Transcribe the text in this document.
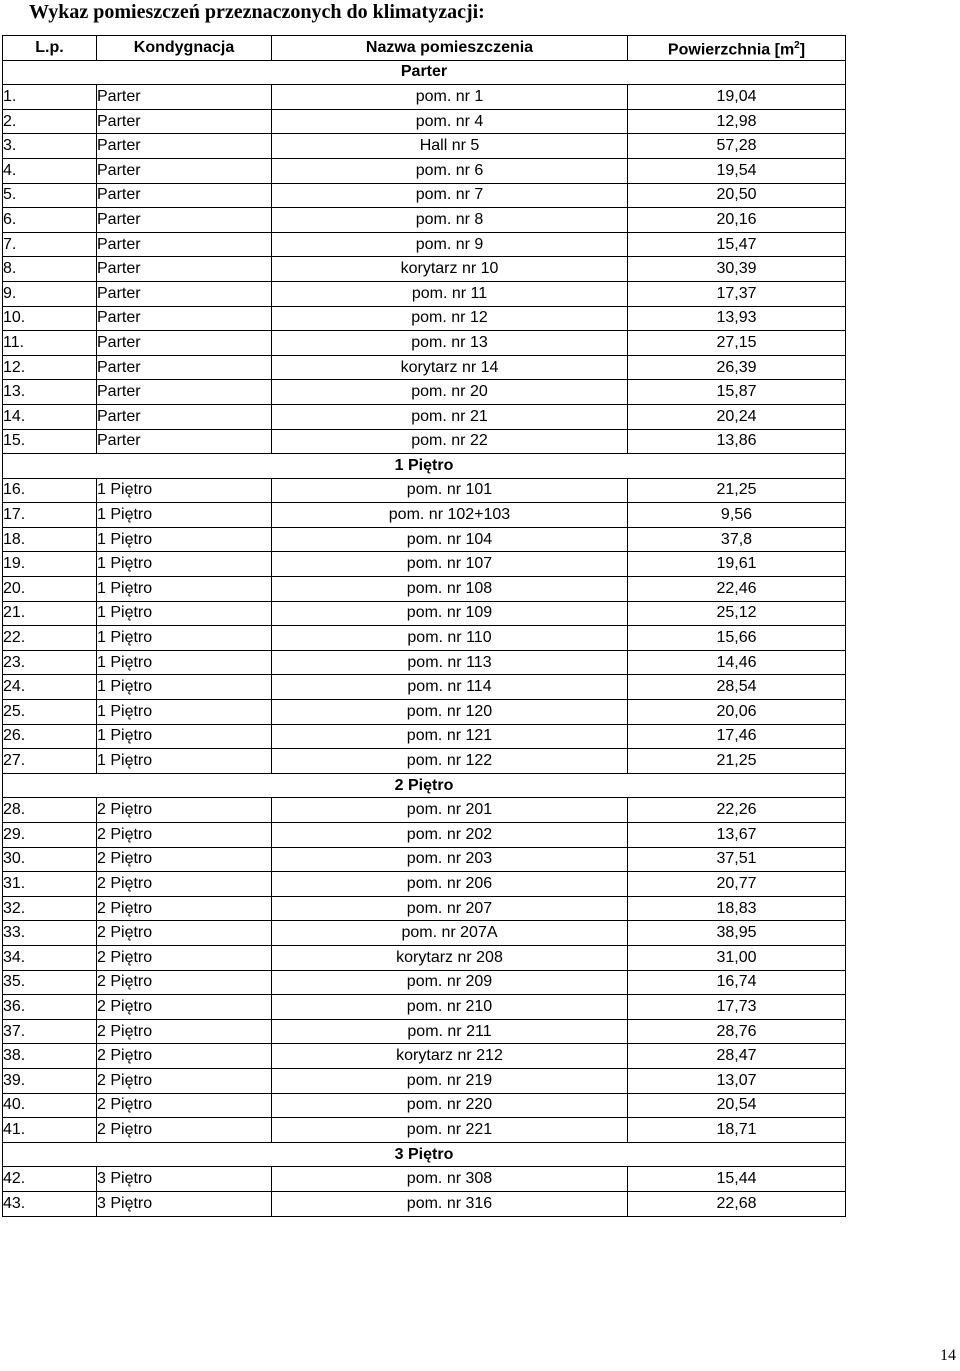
Wykaz pomieszczeń przeznaczonych do klimatyzacji:
L.p.	Kondygnacja	Nazwa pomieszczenia	Powierzchnia $[m^2]$
Parter			
1.	Parter	pom. nr 1	19,04
2.	Parter	pom. nr 4	12,98
3.	Parter	Hall nr 5	57,28
4.	Parter	pom. nr 6	19,54
5.	Parter	pom. nr 7	20,50
6.	Parter	pom. nr 8	20,16
7.	Parter	pom. nr 9	15,47
8.	Parter	korytarz nr 10	30,39
9.	Parter	pom. nr 11	17,37
10.	Parter	pom. nr 12	13,93
11.	Parter	pom. nr 13	27,15
12.	Parter	korytarz nr 14	26,39
13.	Parter	pom. nr 20	15,87
14.	Parter	pom. nr 21	20,24
15.	Parter	pom. nr 22	13,86
1 Piętro			
16.	1 Piętro	pom. nr 101	21,25
17.	1 Piętro	pom. nr 102+103	9,56
18.	1 Piętro	pom. nr 104	37,8
19.	1 Piętro	pom. nr 107	19,61
20.	1 Piętro	pom. nr 108	22,46
21.	1 Piętro	pom. nr 109	25,12
22.	1 Piętro	pom. nr 110	15,66
23.	1 Piętro	pom. nr 113	14,46
24.	1 Piętro	pom. nr 114	28,54
25.	1 Piętro	pom. nr 120	20,06
26.	1 Piętro	pom. nr 121	17,46
27.	1 Piętro	pom. nr 122	21,25
2 Piętro			
28.	2 Piętro	pom. nr 201	22,26
29.	2 Piętro	pom. nr 202	13,67
30.	2 Piętro	pom. nr 203	37,51
31.	2 Piętro	pom. nr 206	20,77
32.	2 Piętro	pom. nr 207	18,83
33.	2 Piętro	pom. nr 207A	38,95
34.	2 Piętro	korytarz nr 208	31,00
35.	2 Piętro	pom. nr 209	16,74
36.	2 Piętro	pom. nr 210	17,73
37.	2 Piętro	pom. nr 211	28,76
38.	2 Piętro	korytarz nr 212	28,47
39.	2 Piętro	pom. nr 219	13,07
40.	2 Piętro	pom. nr 220	20,54
41.	2 Piętro	pom. nr 221	18,71
3 Piętro			
42.	3 Piętro	pom. nr 308	15,44
43.	3 Piętro	pom. nr 316	22,68
14
